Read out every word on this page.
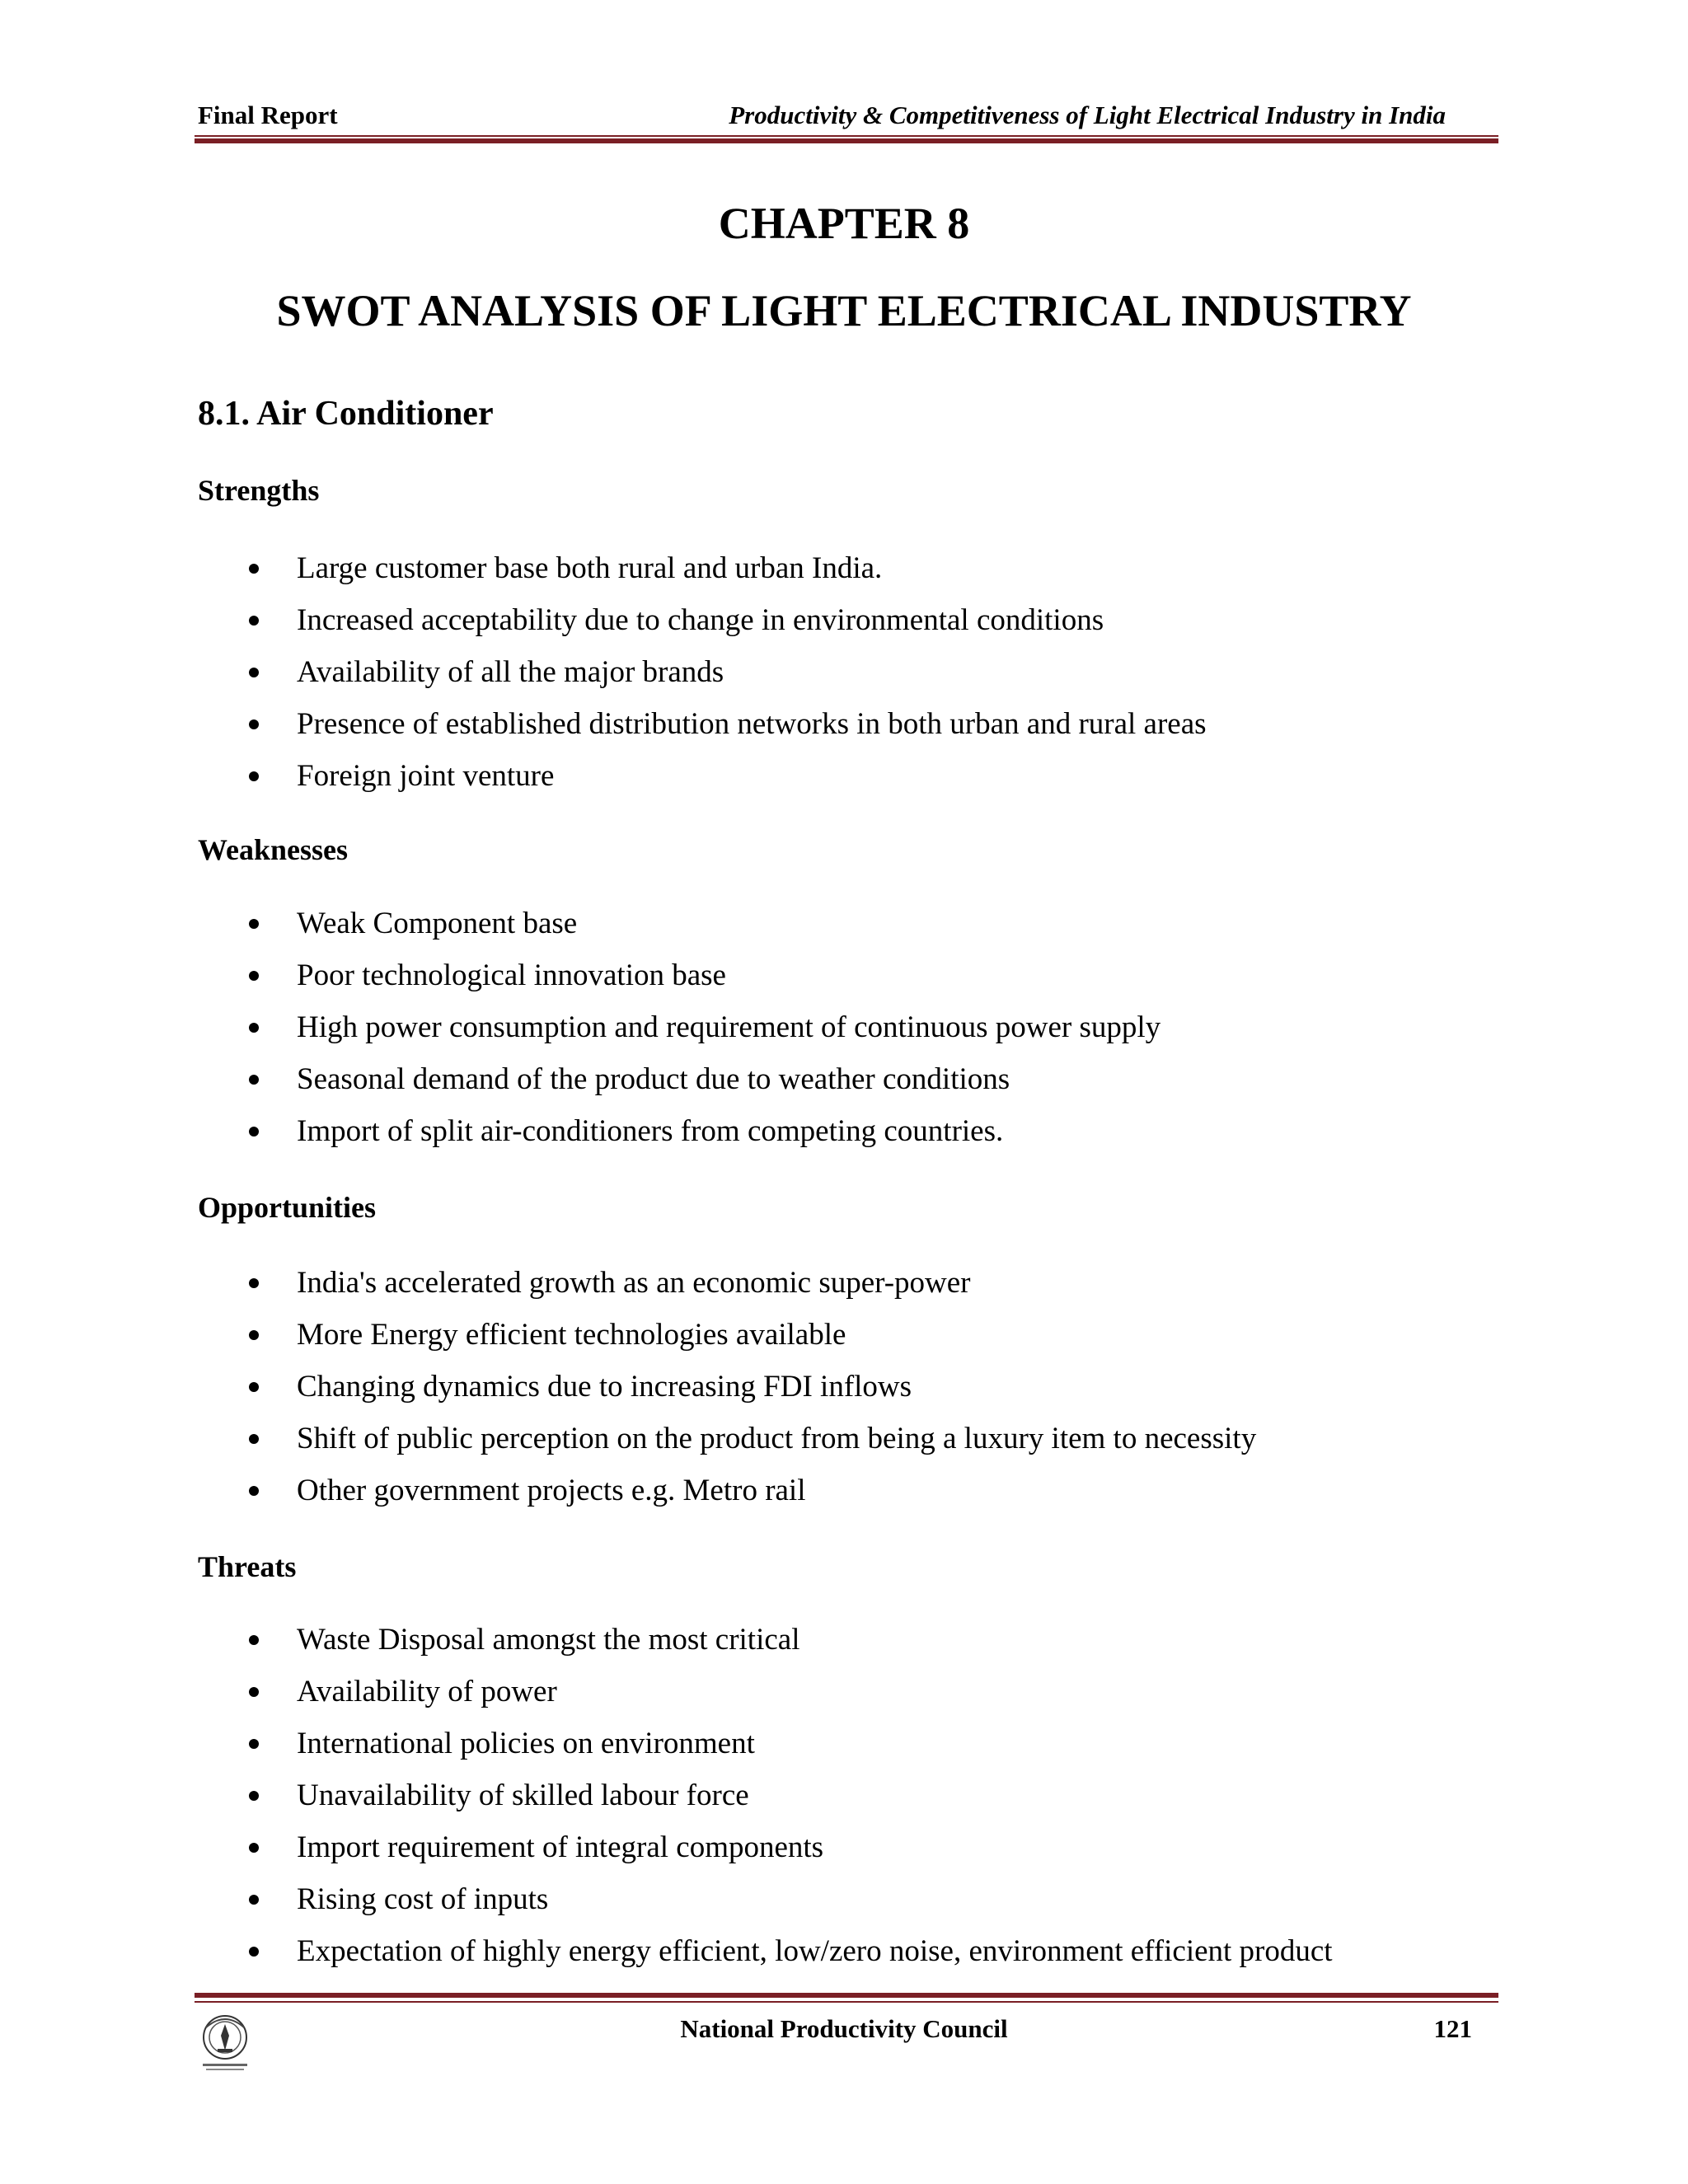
Final Report	Productivity & Competitiveness of Light Electrical Industry in India
CHAPTER 8
SWOT ANALYSIS OF LIGHT ELECTRICAL INDUSTRY
8.1. Air Conditioner
Strengths
Large customer base both rural and urban India.
Increased acceptability due to change in environmental conditions
Availability of all the major brands
Presence of established distribution networks in both urban and rural areas
Foreign joint venture
Weaknesses
Weak Component base
Poor technological innovation base
High power consumption and requirement of continuous power supply
Seasonal demand of the product due to weather conditions
Import of split air-conditioners from competing countries.
Opportunities
India's accelerated growth as an economic super-power
More Energy efficient technologies available
Changing dynamics due to increasing FDI inflows
Shift of public perception on the product from being a luxury item to necessity
Other government projects e.g. Metro rail
Threats
Waste Disposal amongst the most critical
Availability of power
International policies on environment
Unavailability of skilled labour force
Import requirement of integral components
Rising cost of inputs
Expectation of highly energy efficient, low/zero noise, environment efficient product
National Productivity Council	121
